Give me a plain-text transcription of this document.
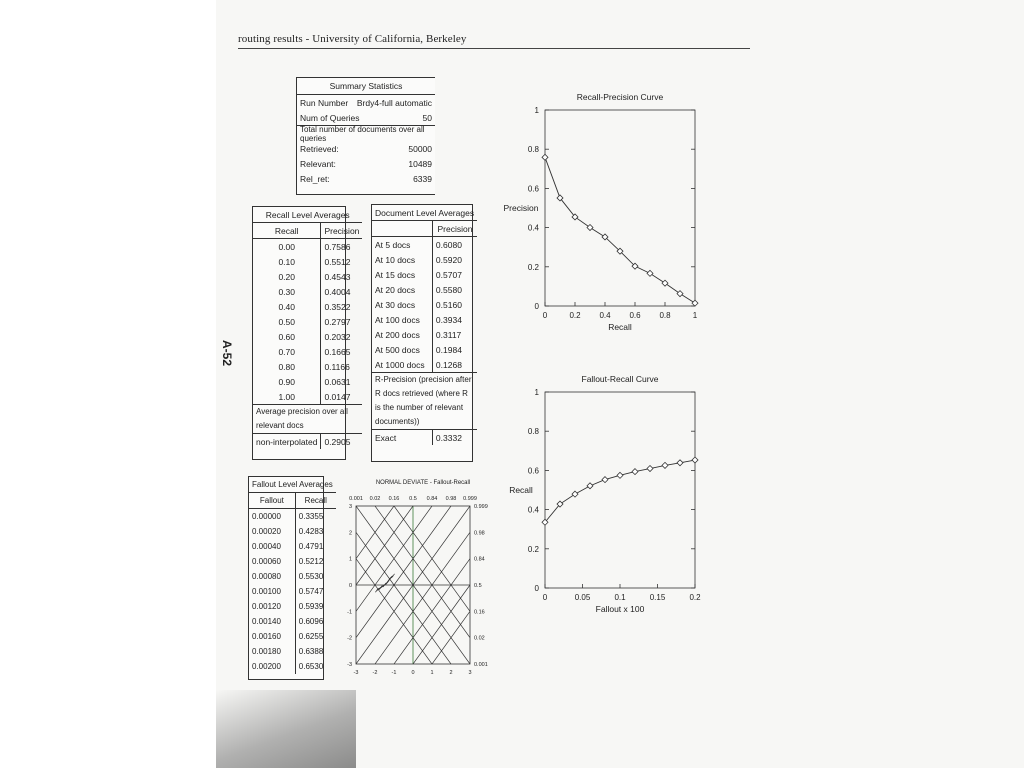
routing results - University of California, Berkeley
A-52
Summary Statistics
Run Number Brdy4-full automatic
Num of Queries	50
Total number of documents over all queries
Retrieved:	50000
Relevant:	10489
Rel_ret:	6339
Recall Level Averages	
Recall	Precision
0.00	0.7586
0.10	0.5512
0.20	0.4543
0.30	0.4004
0.40	0.3522
0.50	0.2797
0.60	0.2032
0.70	0.1665
0.80	0.1166
0.90	0.0631
1.00	0.0147
Average precision over all relevant docs	
non-interpolated	0.2905
Document Level Averages	
	Precision
At 5 docs	0.6080
At 10 docs	0.5920
At 15 docs	0.5707
At 20 docs	0.5580
At 30 docs	0.5160
At 100 docs	0.3934
At 200 docs	0.3117
At 500 docs	0.1984
At 1000 docs	0.1268
R-Precision (precision after R docs retrieved (where R is the number of relevant documents))	
Exact	0.3332
Fallout Level Averages	
Fallout	Recall
0.00000	0.3355
0.00020	0.4283
0.00040	0.4791
0.00060	0.5212
0.00080	0.5530
0.00100	0.5747
0.00120	0.5939
0.00140	0.6096
0.00160	0.6255
0.00180	0.6388
0.00200	0.6530
Recall-Precision Curve
0
0.2
0.4
0.6
0.8
1
0	0.2 0.4 0.6 0.8	1
Recall
Precision
Fallout-Recall Curve
0
0.2
0.4
0.6
0.8
1
0	0.05	0.1	0.15	0.2
Fallout x 100
Recall
NORMAL DEVIATE - Fallout-Recall
0.001 0.02 0.16 0.5 0.84 0.98 0.999
0.999
0.98
0.84
0.5
0.16
0.02
0.001
3
2
1
0
-1
-2
-3
-3	-2	-1	0	1	2	3
